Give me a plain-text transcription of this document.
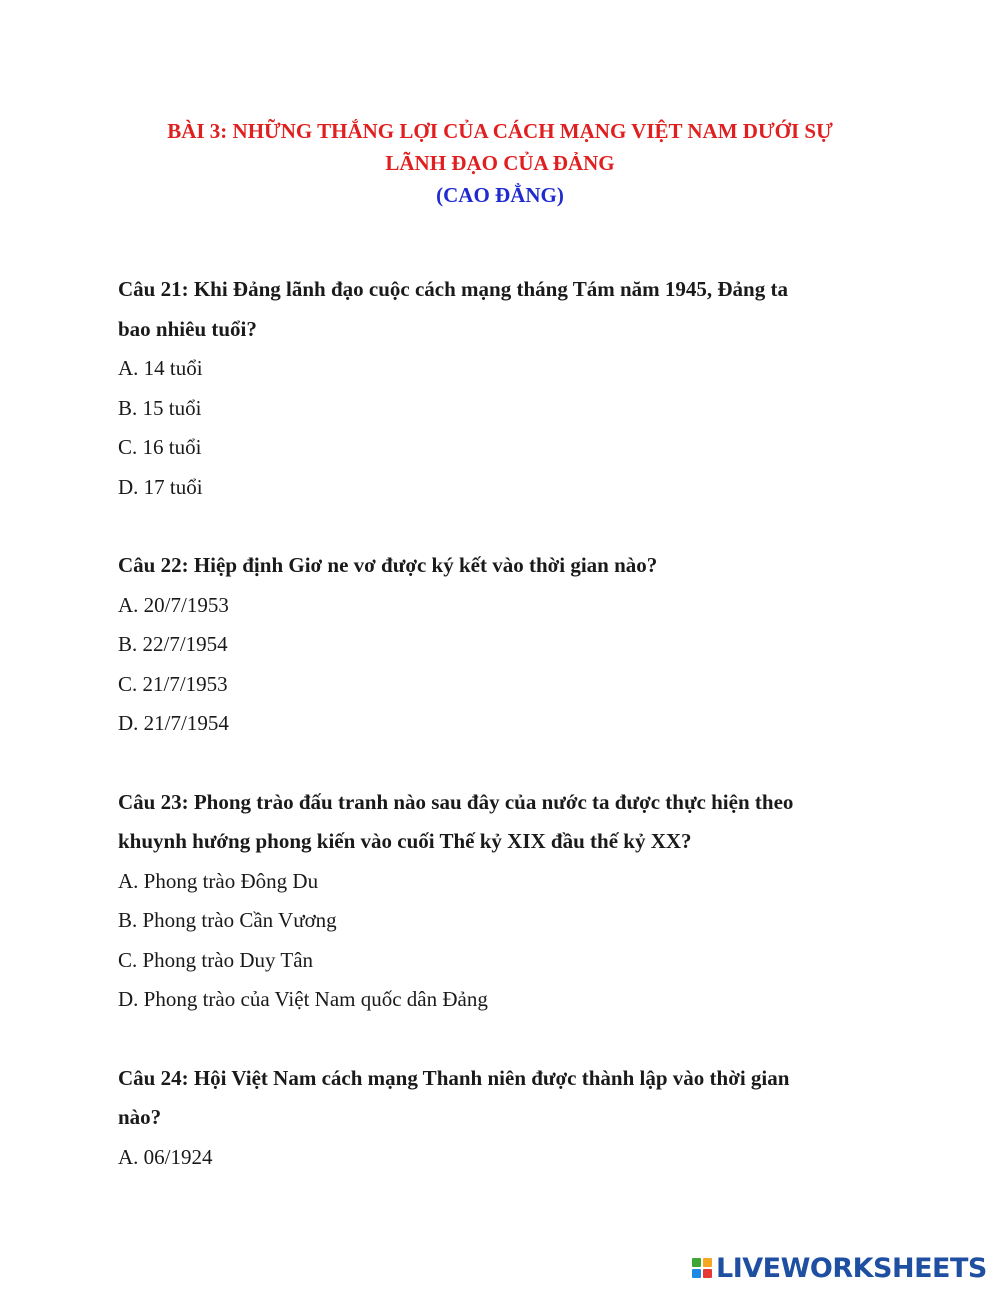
BÀI 3: NHỮNG THẮNG LỢI CỦA CÁCH MẠNG VIỆT NAM DƯỚI SỰ
LÃNH ĐẠO CỦA ĐẢNG
(CAO ĐẲNG)

Câu 21: Khi Đảng lãnh đạo cuộc cách mạng tháng Tám năm 1945, Đảng ta

bao nhiêu tuổi?

A. 14 tuổi

B. 15 tuổi

C. 16 tuổi

D. 17 tuổi

Câu 22: Hiệp định Giơ ne vơ được ký kết vào thời gian nào?

A. 20/7/1953

B. 22/7/1954

C. 21/7/1953

D. 21/7/1954

Câu 23: Phong trào đấu tranh nào sau đây của nước ta được thực hiện theo

khuynh hướng phong kiến vào cuối Thế kỷ XIX đầu thế kỷ XX?

A. Phong trào Đông Du

B. Phong trào Cần Vương

C. Phong trào Duy Tân

D. Phong trào của Việt Nam quốc dân Đảng

Câu 24: Hội Việt Nam cách mạng Thanh niên được thành lập vào thời gian

nào?

A. 06/1924

LIVEWORKSHEETS
